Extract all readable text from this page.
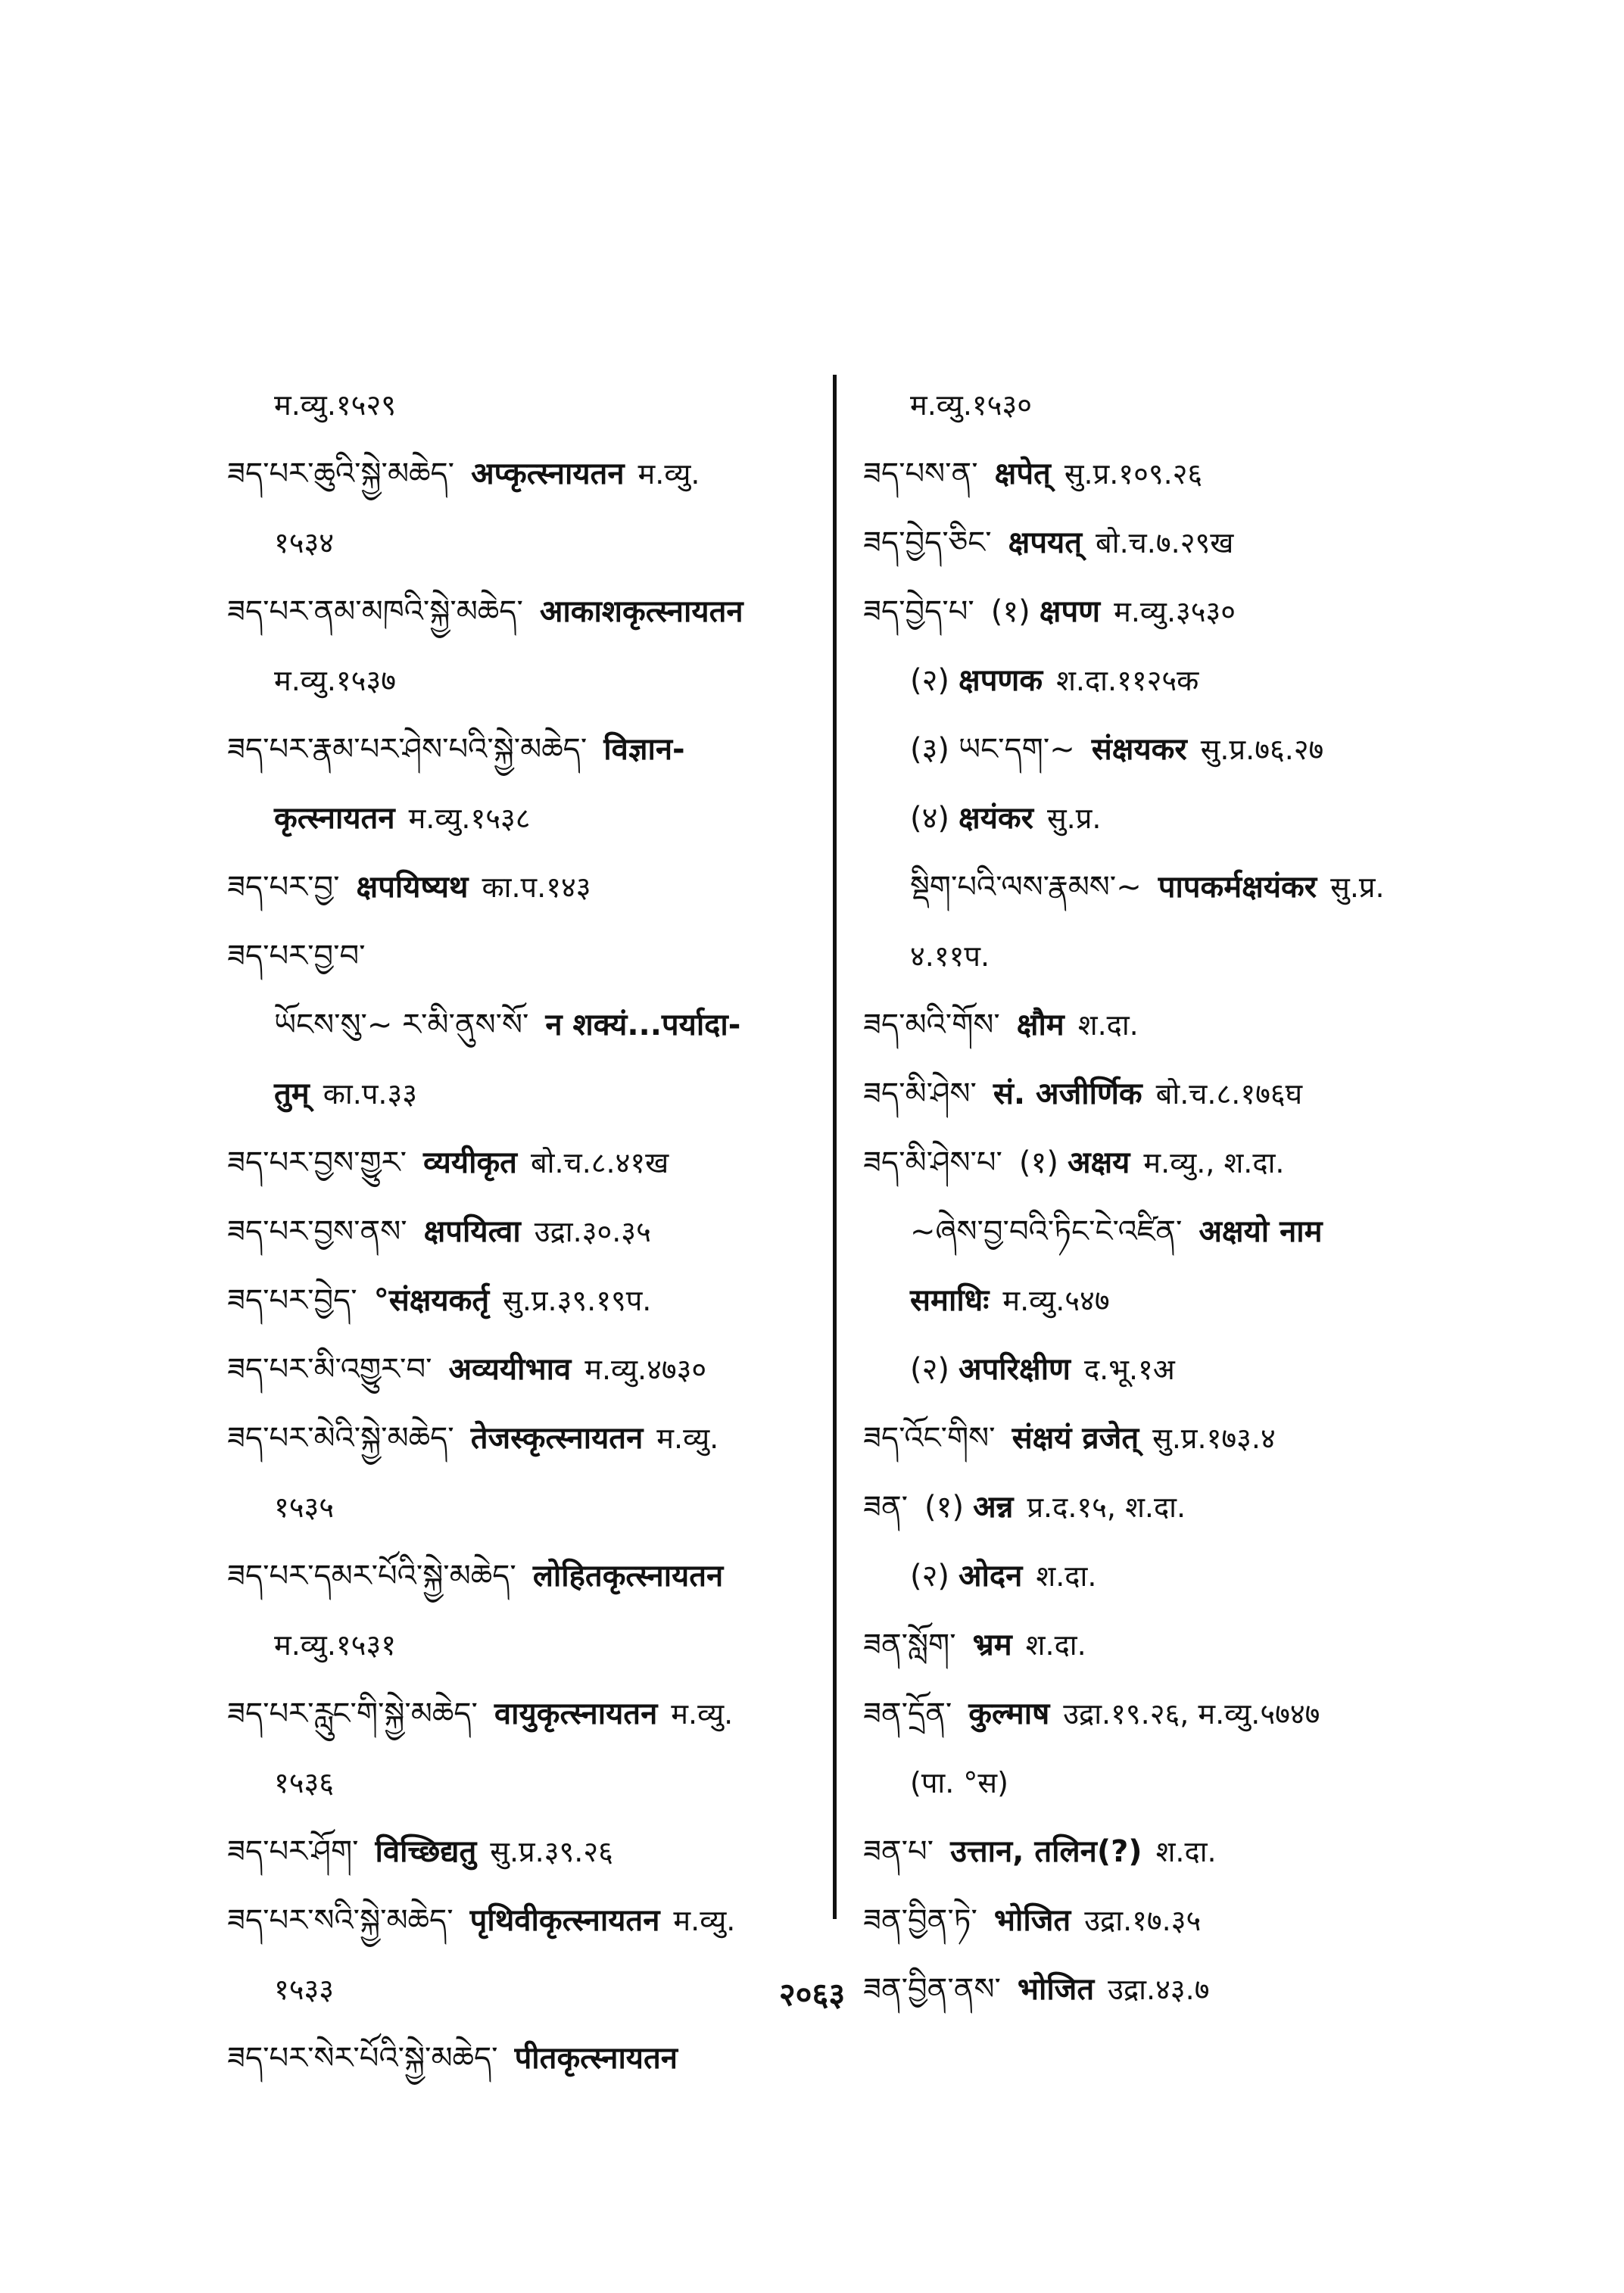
म.व्यु.१५२९
ཟད་པར་ཆུའི་སྐྱེ་མཆེད་ अप्कृत्स्नायतन म.व्यु.
१५३४
ཟད་པར་ནམ་མཁའི་སྐྱེ་མཆེད་ आकाशकृत्स्नायतन
म.व्यु.१५३७
ཟད་པར་རྣམ་པར་ཤེས་པའི་སྐྱེ་མཆེད་ विज्ञान-
कृत्स्नायतन म.व्यु.१५३८
ཟད་པར་བྱ་ क्षपयिष्यथ का.प.१४३
ཟད་པར་བྱ་བ་
ཡོངས་སུ་~ ར་མི་ནུས་སོ་ न शक्यं...पर्यादा-
तुम् का.प.३३
ཟད་པར་བྱས་གྱུར་ व्ययीकृत बो.च.८.४१ख
ཟད་པར་བྱས་ནས་ क्षपयित्वा उद्रा.३०.३५
ཟད་པར་བྱེད་ °संक्षयकर्तृ सु.प्र.३९.१९प.
ཟད་པར་མི་འགྱུར་བ་ अव्ययीभाव म.व्यु.४७३०
ཟད་པར་མེའི་སྐྱེ་མཆེད་ तेजस्कृत्स्नायतन म.व्यु.
१५३५
ཟད་པར་དམར་པོའི་སྐྱེ་མཆེད་ लोहितकृत्स्नायतन
म.व्यु.१५३१
ཟད་པར་རླུང་གི་སྐྱེ་མཆེད་ वायुकृत्स्नायतन म.व्यु.
१५३६
ཟད་པར་ཤོག་ विच्छिद्यतु सु.प्र.३९.२६
ཟད་པར་སའི་སྐྱེ་མཆེད་ पृथिवीकृत्स्नायतन म.व्यु.
१५३३
ཟད་པར་སེར་པོའི་སྐྱེ་མཆེད་ पीतकृत्स्नायतन
म.व्यु.१५३०
ཟད་པས་ན་ क्षपेत् सु.प्र.१०९.२६
ཟད་བྱེད་ཅིང་ क्षपयत् बो.च.७.२९ख
ཟད་བྱེད་པ་ (१) क्षपण म.व्यु.३५३०
(२) क्षपणक श.दा.११२५क
(३) ཡང་དག་~ संक्षयकर सु.प्र.७६.२७
(४) क्षयंकर सु.प्र.
སྡིག་པའི་ལས་རྣམས་~ पापकर्मक्षयंकर सु.प्र.
४.११प.
ཟད་མའི་གོས་ क्षौम श.दा.
ཟད་མི་ཤེས་ सं. अजीर्णिक बो.च.८.१७६घ
ཟད་མི་ཤེས་པ་ (१) अक्षय म.व्यु., श.दा.
~ཞེས་བྱ་བའི་ཏིང་ངེ་འཛིན་ अक्षयो नाम
समाधिः म.व्यु.५४७
(२) अपरिक्षीण द.भू.१अ
ཟད་འོང་གིས་ संक्षयं व्रजेत् सु.प्र.१७३.४
ཟན་ (१) अन्न प्र.द.१५, श.दा.
(२) ओदन श.दा.
ཟན་སློག་ भ्रम श.दा.
ཟན་དྲོན་ कुल्माष उद्रा.१९.२६, म.व्यु.५७४७
(पा. °स)
ཟན་པ་ उत्तान, तलिन(?) श.दा.
ཟན་བྱིན་ཏེ་ भोजित उद्रा.१७.३५
ཟན་བྱིན་ནས་ भोजित उद्रा.४३.७
२०६३
